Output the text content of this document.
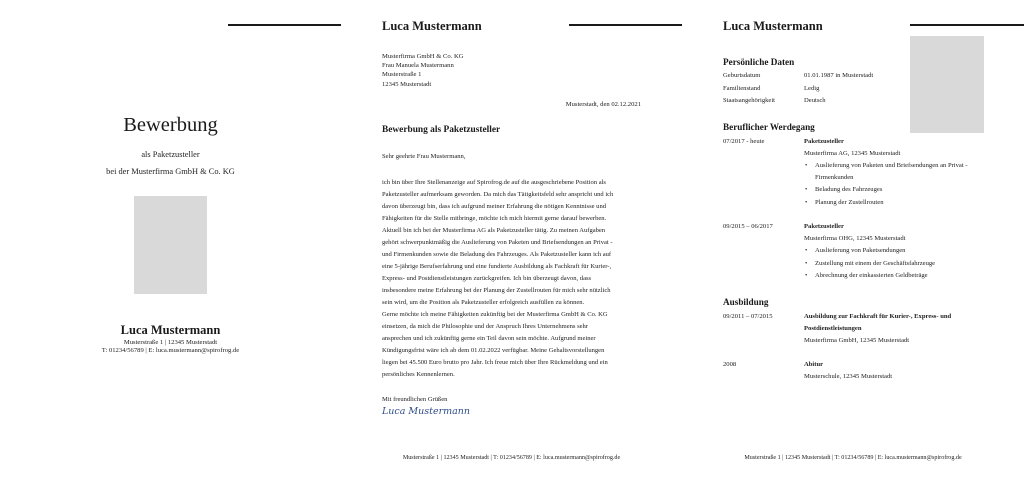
Bewerbung
als Paketzusteller
bei der Musterfirma GmbH & Co. KG
Luca Mustermann
Musterstraße 1 | 12345 Musterstadt
T: 01234/56789 | E: luca.mustermann@spirofrog.de
Luca Mustermann
Musterfirma GmbH & Co. KG
Frau Manuela Mustermann
Musterstraße 1
12345 Musterstadt
Musterstadt, den 02.12.2021
Bewerbung als Paketzusteller
Sehr geehrte Frau Mustermann,
ich bin über Ihre Stellenanzeige auf Spirofrog.de auf die ausgeschriebene Position als
Paketzusteller aufmerksam geworden. Da mich das Tätigkeitsfeld sehr anspricht und ich
davon überzeugt bin, dass ich aufgrund meiner Erfahrung die nötigen Kenntnisse und
Fähigkeiten für die Stelle mitbringe, möchte ich mich hiermit gerne darauf bewerben.
Aktuell bin ich bei der Musterfirma AG als Paketzusteller tätig. Zu meinen Aufgaben
gehört schwerpunktmäßig die Auslieferung von Paketen und Briefsendungen an Privat -
und Firmenkunden sowie die Beladung des Fahrzeuges. Als Paketzusteller kann ich auf
eine 5-jährige Berufserfahrung und eine fundierte Ausbildung als Fachkraft für Kurier-,
Express- und Postdienstleistungen zurückgreifen. Ich bin überzeugt davon, dass
insbesondere meine Erfahrung bei der Planung der Zustellrouten für mich sehr nützlich
sein wird, um die Position als Paketzusteller erfolgreich ausfüllen zu können.
Gerne möchte ich meine Fähigkeiten zukünftig bei der Musterfirma GmbH & Co. KG
einsetzen, da mich die Philosophie und der Anspruch Ihres Unternehmens sehr
ansprechen und ich zukünftig gerne ein Teil davon sein möchte. Aufgrund meiner
Kündigungsfrist wäre ich ab dem 01.02.2022 verfügbar. Meine Gehaltsvorstellungen
liegen bei 45.500 Euro brutto pro Jahr. Ich freue mich über Ihre Rückmeldung und ein
persönliches Kennenlernen.
Mit freundlichen Grüßen
Luca Mustermann
Musterstraße 1 | 12345 Musterstadt | T: 01234/56789 | E: luca.mustermann@spirofrog.de
Luca Mustermann
Persönliche Daten
Geburtsdatum	01.01.1987 in Musterstadt
Familienstand	Ledig
Staatsangehörigkeit	Deutsch
Beruflicher Werdegang
07/2017 - heute	Paketzusteller
Musterfirma AG, 12345 Musterstadt
• Auslieferung von Paketen und Briefsendungen an Privat -
Firmenkunden
• Beladung des Fahrzeuges
• Planung der Zustellrouten
09/2015 – 06/2017	Paketzusteller
Musterfirma OHG, 12345 Musterstadt
• Auslieferung von Paketsendungen
• Zustellung mit einem der Geschäftsfahrzeuge
• Abrechnung der einkassierten Geldbeträge
Ausbildung
09/2011 – 07/2015	Ausbildung zur Fachkraft für Kurier-, Express- und
Postdienstleistungen
Musterfirma GmbH, 12345 Musterstadt
2008	Abitur
Musterschule, 12345 Musterstadt
Musterstraße 1 | 12345 Musterstadt | T: 01234/56789 | E: luca.mustermann@spirofrog.de
